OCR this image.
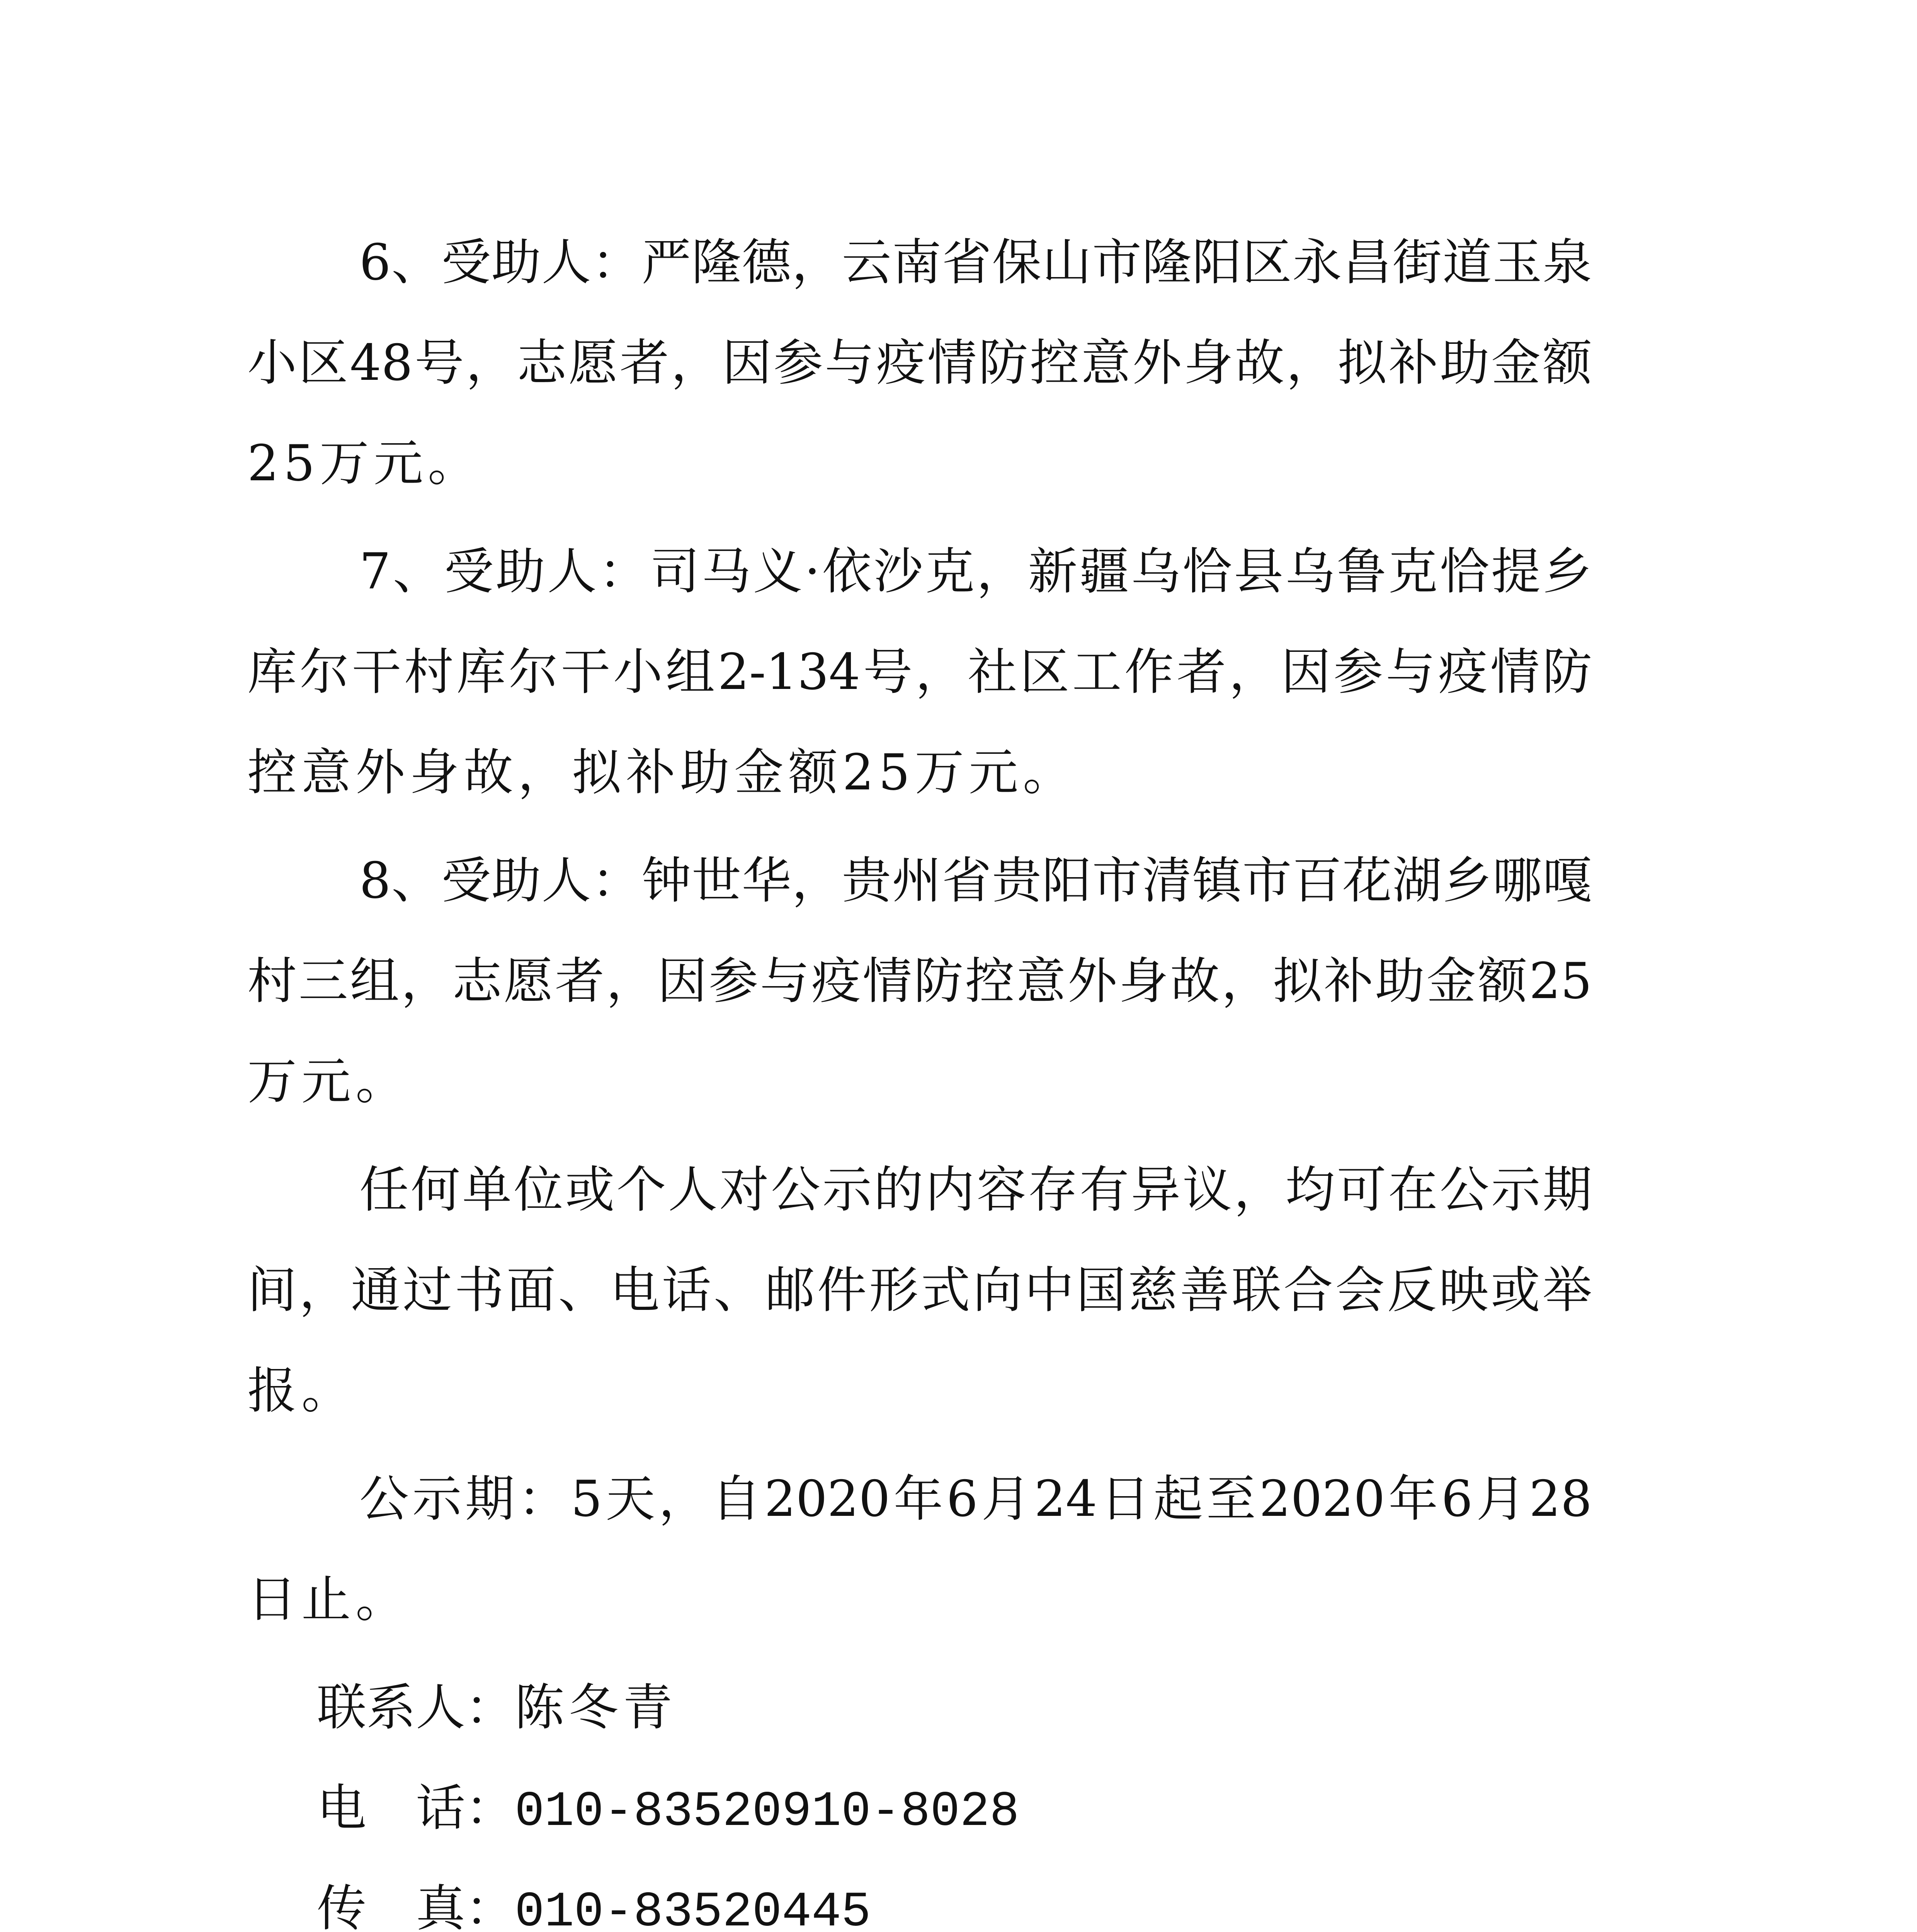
6、受助人：严隆德，云南省保山市隆阳区永昌街道玉泉

小区48号，志愿者，因参与疫情防控意外身故，拟补助金额

25万元。

7、受助人：司马义·依沙克，新疆乌恰县乌鲁克恰提乡

库尔干村库尔干小组2-134号，社区工作者，因参与疫情防

控意外身故，拟补助金额25万元。

8、受助人：钟世华，贵州省贵阳市清镇市百花湖乡哪嘎

村三组，志愿者，因参与疫情防控意外身故，拟补助金额25

万元。

任何单位或个人对公示的内容存有异议，均可在公示期

间，通过书面、电话、邮件形式向中国慈善联合会反映或举

报。

公示期：5天，自2020年6月24日起至2020年6月28

日止。

联系人：陈冬青

电　话：010-83520910-8028

传　真：010-83520445
